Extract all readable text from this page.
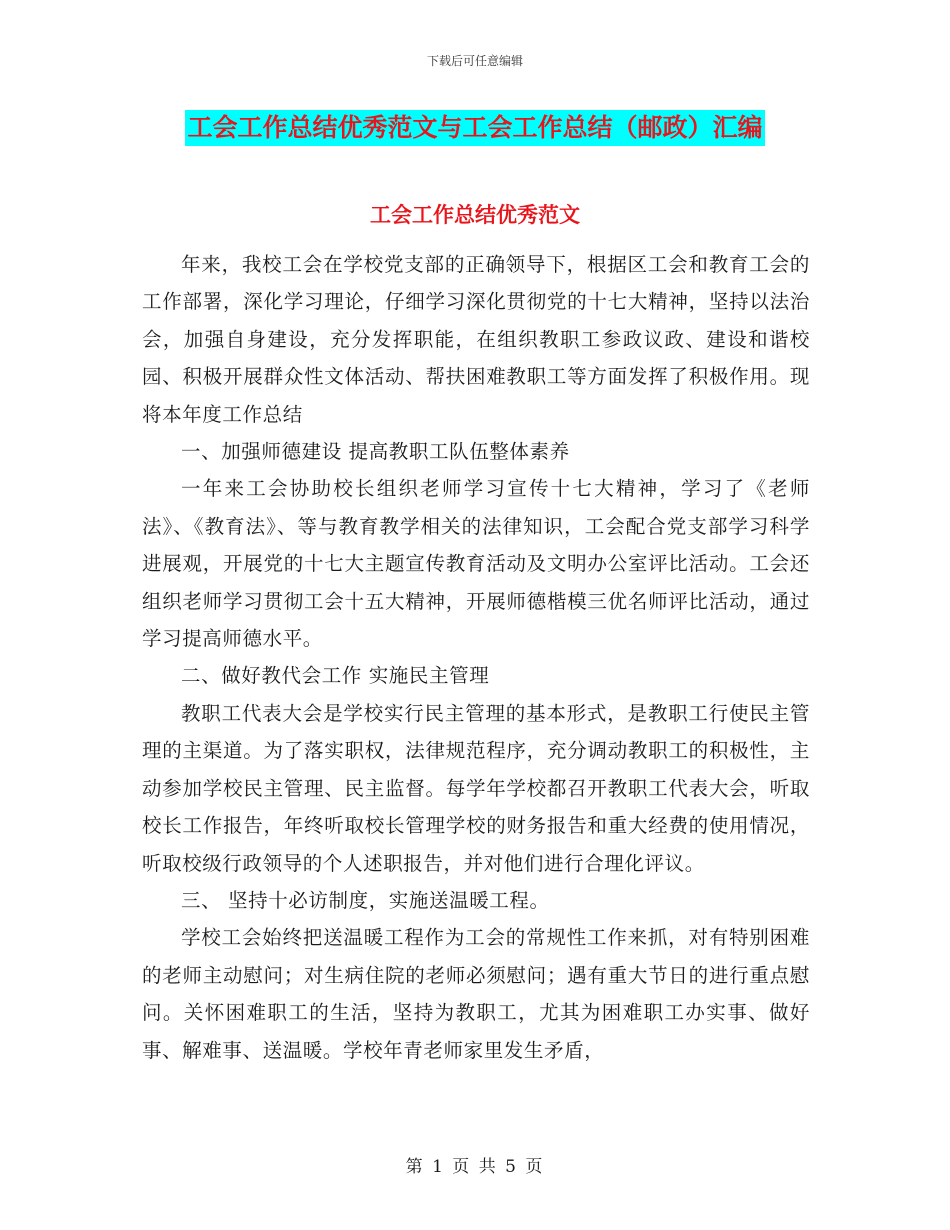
下载后可任意编辑
工会工作总结优秀范文与工会工作总结（邮政）汇编
工会工作总结优秀范文

年来，我校工会在学校党支部的正确领导下，根据区工会和教育工会的工作部署，深化学习理论，仔细学习深化贯彻党的十七大精神，坚持以法治会，加强自身建设，充分发挥职能，在组织教职工参政议政、建设和谐校园、积极开展群众性文体活动、帮扶困难教职工等方面发挥了积极作用。现将本年度工作总结

一、加强师德建设 提高教职工队伍整体素养

一年来工会协助校长组织老师学习宣传十七大精神，学习了《老师法》、《教育法》、等与教育教学相关的法律知识，工会配合党支部学习科学进展观，开展党的十七大主题宣传教育活动及文明办公室评比活动。工会还组织老师学习贯彻工会十五大精神，开展师德楷模三优名师评比活动，通过学习提高师德水平。

二、做好教代会工作 实施民主管理

教职工代表大会是学校实行民主管理的基本形式，是教职工行使民主管理的主渠道。为了落实职权，法律规范程序，充分调动教职工的积极性，主动参加学校民主管理、民主监督。每学年学校都召开教职工代表大会，听取校长工作报告，年终听取校长管理学校的财务报告和重大经费的使用情况，听取校级行政领导的个人述职报告，并对他们进行合理化评议。

三、 坚持十必访制度，实施送温暖工程。

学校工会始终把送温暖工程作为工会的常规性工作来抓，对有特别困难的老师主动慰问；对生病住院的老师必须慰问；遇有重大节日的进行重点慰问。关怀困难职工的生活，坚持为教职工，尤其为困难职工办实事、做好事、解难事、送温暖。学校年青老师家里发生矛盾，

第 1 页 共 5 页
